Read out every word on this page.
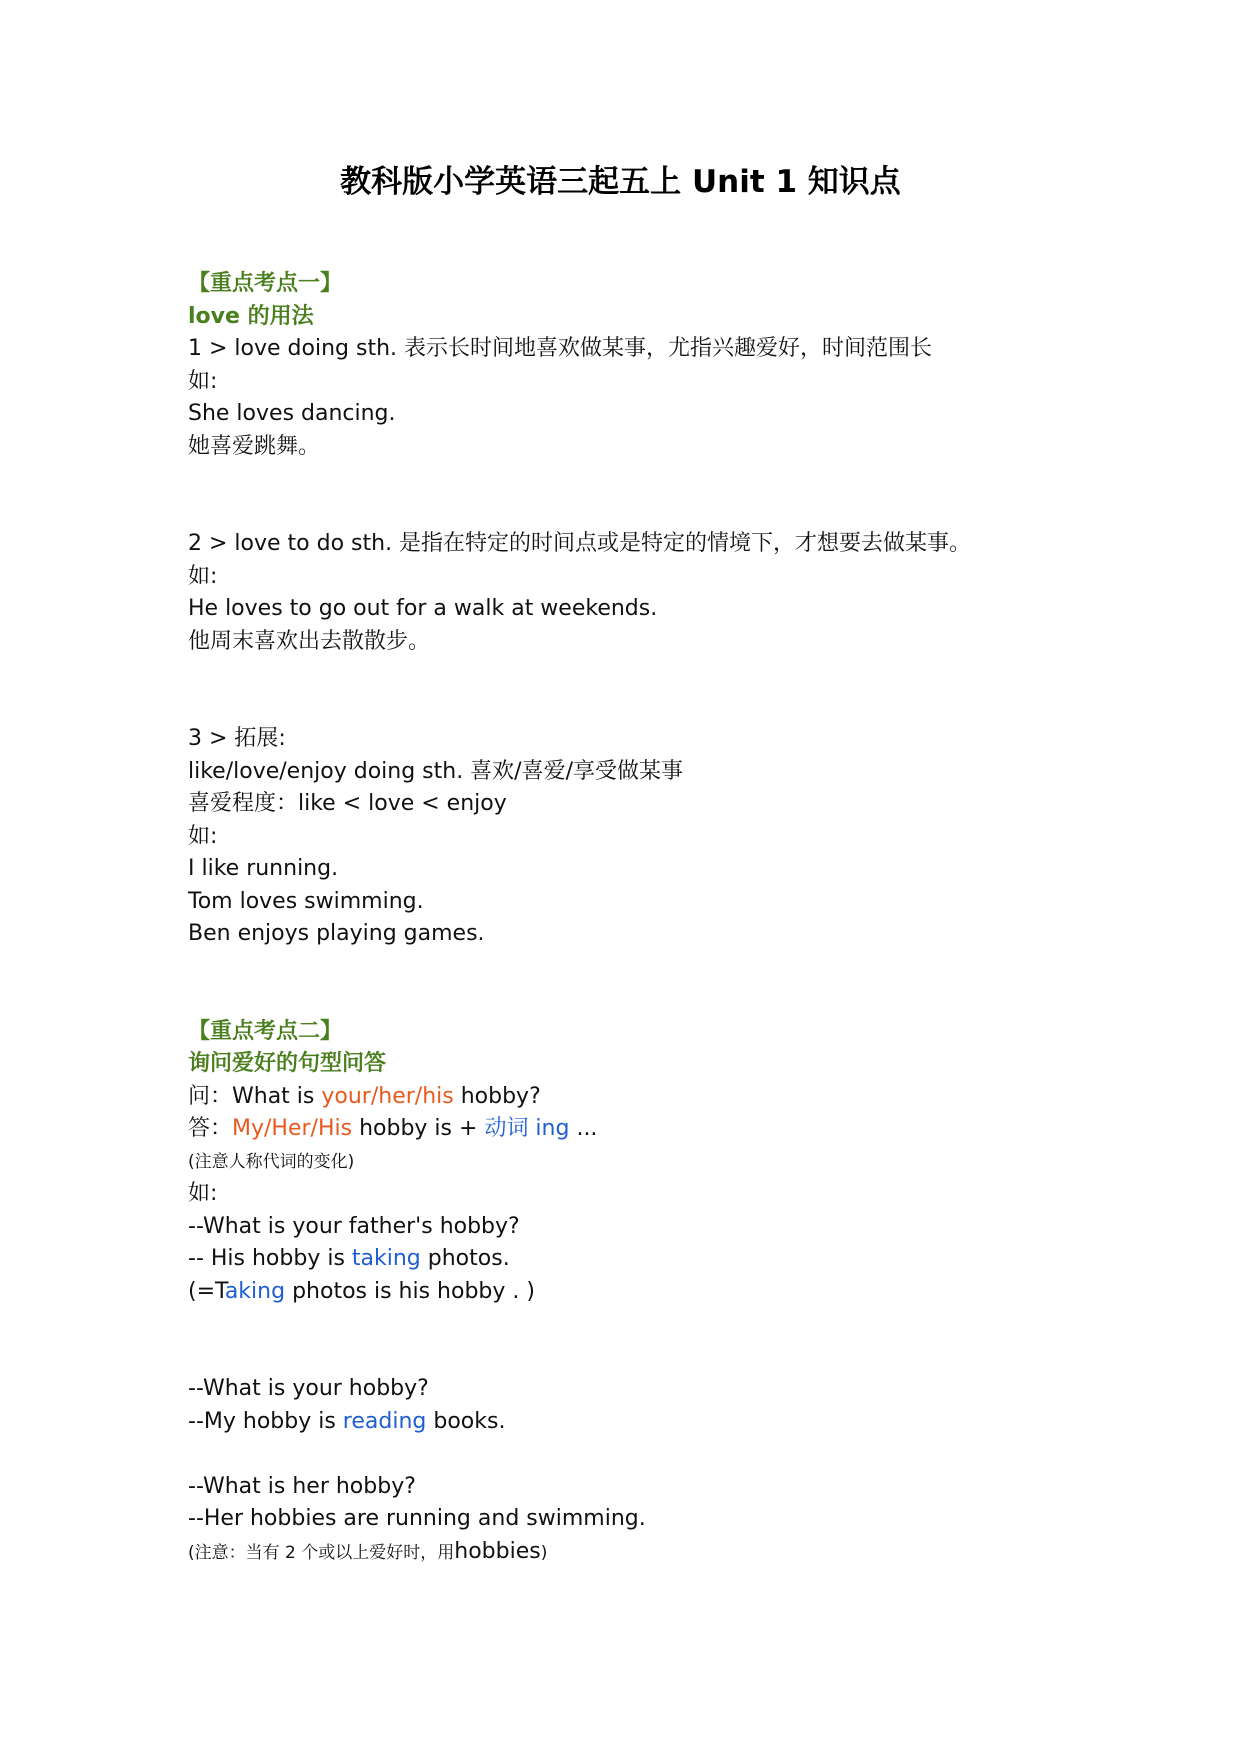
教科版小学英语三起五上 Unit 1 知识点
【重点考点一】
love 的用法
1 > love doing sth. 表示长时间地喜欢做某事，尤指兴趣爱好，时间范围长
如:
She loves dancing.
她喜爱跳舞。
2 > love to do sth. 是指在特定的时间点或是特定的情境下，才想要去做某事。
如:
He loves to go out for a walk at weekends.
他周末喜欢出去散散步。
3 > 拓展:
like/love/enjoy doing sth. 喜欢/喜爱/享受做某事
喜爱程度：like < love < enjoy
如:
I like running.
Tom loves swimming.
Ben enjoys playing games.
【重点考点二】
询问爱好的句型问答
问：What is your/her/his hobby?
答：My/Her/His hobby is + 动词 ing ...
(注意人称代词的变化)
如:
--What is your father's hobby?
-- His hobby is taking photos.
(=Taking photos is his hobby . )
--What is your hobby?
--My hobby is reading books.
--What is her hobby?
--Her hobbies are running and swimming.
(注意：当有 2 个或以上爱好时，用hobbies)
